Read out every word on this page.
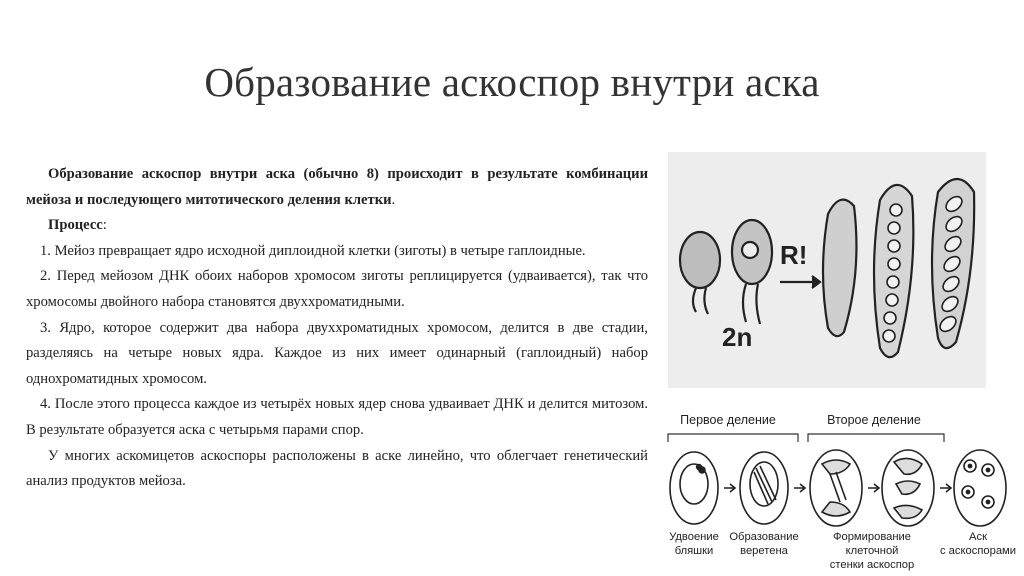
Образование аскоспор внутри аска

Образование аскоспор внутри аска (обычно 8) происходит в результате комбинации мейоза и последующего митотического деления клетки.

Процесс:

1. Мейоз превращает ядро исходной диплоидной клетки (зиготы) в четыре гаплоидные.

2. Перед мейозом ДНК обоих наборов хромосом зиготы реплицируется (удваивается), так что хромосомы двойного набора становятся двуххроматидными.

3. Ядро, которое содержит два набора двуххроматидных хромосом, делится в две стадии, разделяясь на четыре новых ядра. Каждое из них имеет одинарный (гаплоидный) набор однохроматидных хромосом.

4. После этого процесса каждое из четырёх новых ядер снова удваивает ДНК и делится митозом. В результате образуется аска с четырьмя парами спор.

У многих аскомицетов аскоспоры расположены в аске линейно, что облегчает генетический анализ продуктов мейоза.

R!
2n
Первое деление	Второе деление
Удвоение
бляшки
Образование
веретена
Формирование
клеточной
стенки аскоспор
Аск
с аскоспорами
